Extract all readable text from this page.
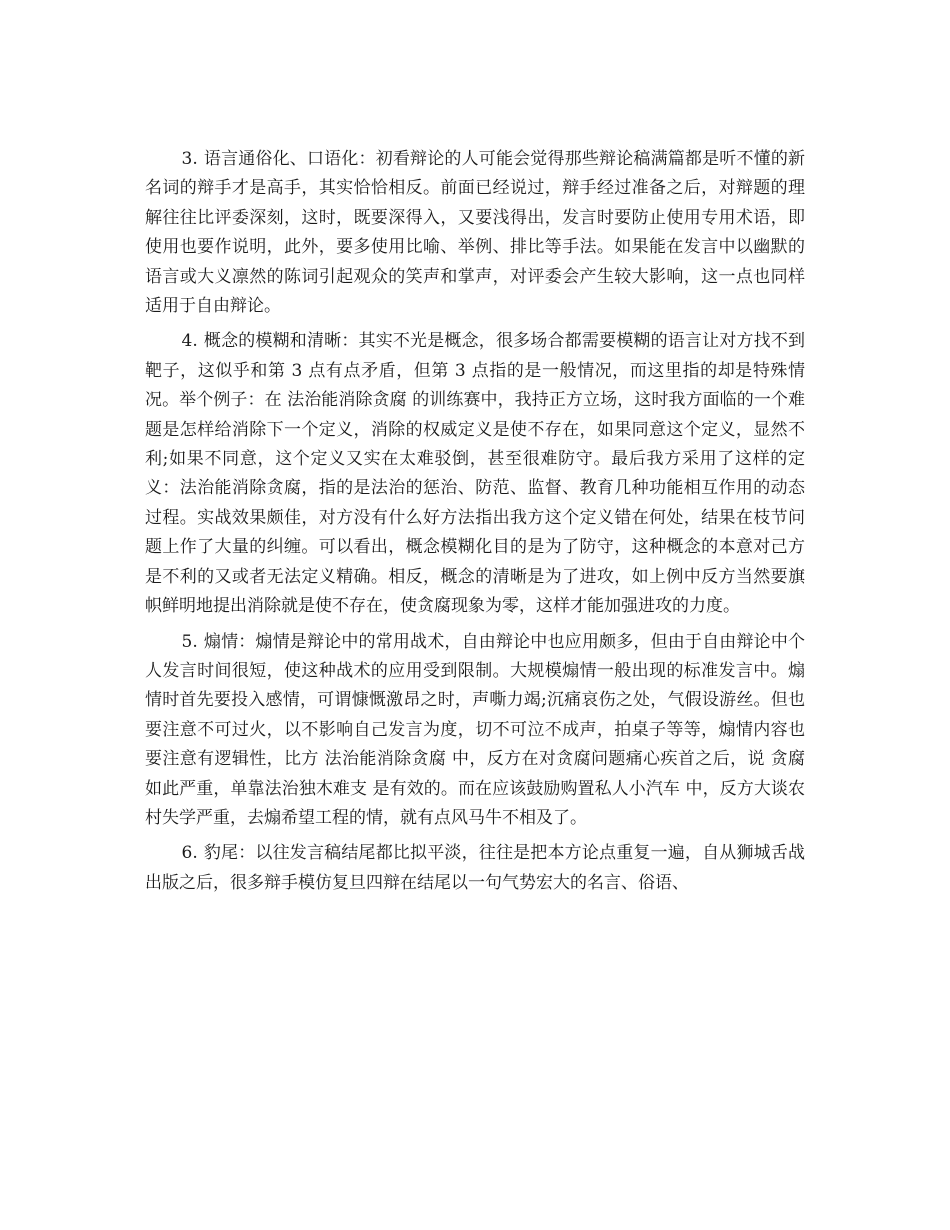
3. 语言通俗化、口语化：初看辩论的人可能会觉得那些辩论稿满篇都是听不懂的新名词的辩手才是高手，其实恰恰相反。前面已经说过，辩手经过准备之后，对辩题的理解往往比评委深刻，这时，既要深得入，又要浅得出，发言时要防止使用专用术语，即使用也要作说明，此外，要多使用比喻、举例、排比等手法。如果能在发言中以幽默的语言或大义凛然的陈词引起观众的笑声和掌声，对评委会产生较大影响，这一点也同样适用于自由辩论。

4. 概念的模糊和清晰：其实不光是概念，很多场合都需要模糊的语言让对方找不到靶子，这似乎和第 3 点有点矛盾，但第 3 点指的是一般情况，而这里指的却是特殊情况。举个例子：在 法治能消除贪腐 的训练赛中，我持正方立场，这时我方面临的一个难题是怎样给消除下一个定义，消除的权威定义是使不存在，如果同意这个定义，显然不利;如果不同意，这个定义又实在太难驳倒，甚至很难防守。最后我方采用了这样的定义：法治能消除贪腐，指的是法治的惩治、防范、监督、教育几种功能相互作用的动态过程。实战效果颇佳，对方没有什么好方法指出我方这个定义错在何处，结果在枝节问题上作了大量的纠缠。可以看出，概念模糊化目的是为了防守，这种概念的本意对己方是不利的又或者无法定义精确。相反，概念的清晰是为了进攻，如上例中反方当然要旗帜鲜明地提出消除就是使不存在，使贪腐现象为零，这样才能加强进攻的力度。

5. 煽情：煽情是辩论中的常用战术，自由辩论中也应用颇多，但由于自由辩论中个人发言时间很短，使这种战术的应用受到限制。大规模煽情一般出现的标准发言中。煽情时首先要投入感情，可谓慷慨激昂之时，声嘶力竭;沉痛哀伤之处，气假设游丝。但也要注意不可过火，以不影响自己发言为度，切不可泣不成声，拍桌子等等，煽情内容也要注意有逻辑性，比方 法治能消除贪腐 中，反方在对贪腐问题痛心疾首之后，说 贪腐如此严重，单靠法治独木难支 是有效的。而在应该鼓励购置私人小汽车 中，反方大谈农村失学严重，去煽希望工程的情，就有点风马牛不相及了。

6. 豹尾：以往发言稿结尾都比拟平淡，往往是把本方论点重复一遍，自从狮城舌战出版之后，很多辩手模仿复旦四辩在结尾以一句气势宏大的名言、俗语、
